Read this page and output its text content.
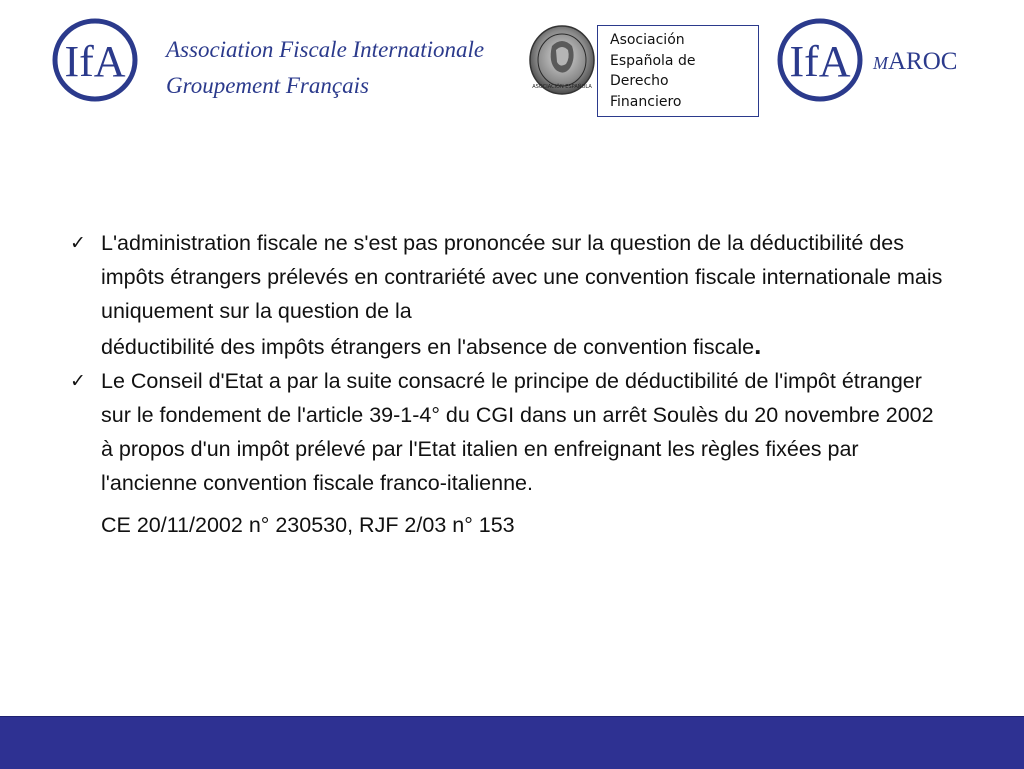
IfA Association Fiscale Internationale
Groupement Français	ASOCIACIÓN ESPAÑOLA
Asociación
Española de
Derecho
Financiero
IfA MAROC
✓ L'administration fiscale ne s'est pas prononcée sur la question de la déductibilité des impôts étrangers prélevés en contrariété avec une convention fiscale internationale mais uniquement sur la question de la

déductibilité des impôts étrangers en l'absence de convention fiscale.

✓ Le Conseil d'Etat a par la suite consacré le principe de déductibilité de l'impôt étranger sur le fondement de l'article 39-1-4° du CGI dans un arrêt Soulès du 20 novembre 2002 à propos d'un impôt prélevé par l'Etat italien en enfreignant les règles fixées par l'ancienne convention fiscale franco-italienne.

CE 20/11/2002 n° 230530, RJF 2/03 n° 153
